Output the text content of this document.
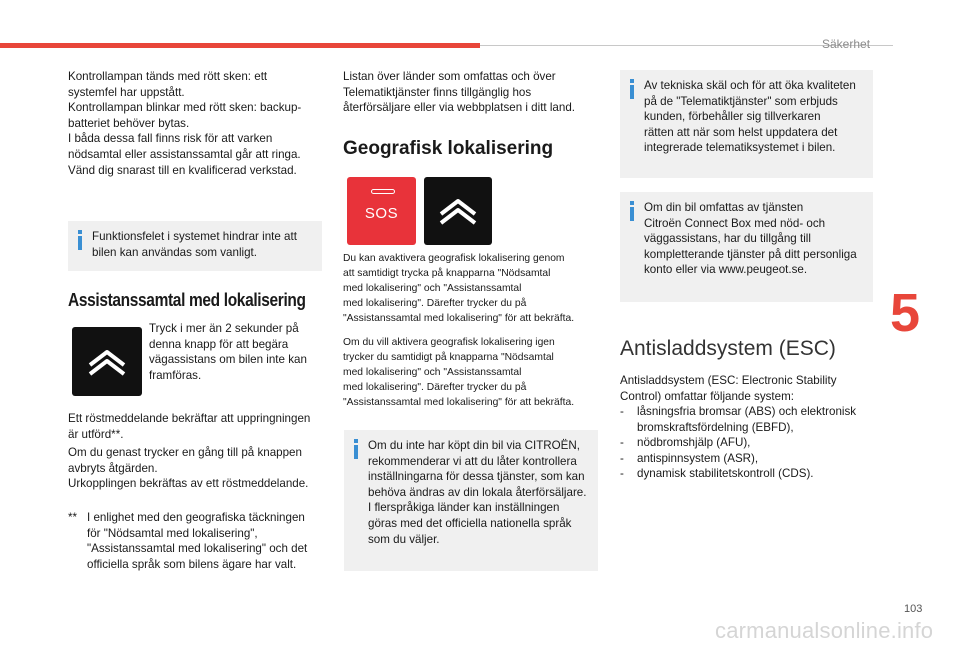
Säkerhet

Kontrollampan tänds med rött sken: ett
systemfel har uppstått.
Kontrollampan blinkar med rött sken: backup-
batteriet behöver bytas.
I båda dessa fall finns risk för att varken
nödsamtal eller assistanssamtal går att ringa.
Vänd dig snarast till en kvalificerad verkstad.

Funktionsfelet i systemet hindrar inte att
bilen kan användas som vanligt.
Assistanssamtal med lokalisering

Tryck i mer än 2 sekunder på
denna knapp för att begära
vägassistans om bilen inte kan
framföras.

Ett röstmeddelande bekräftar att uppringningen
är utförd**.

Om du genast trycker en gång till på knappen
avbryts åtgärden.
Urkopplingen bekräftas av ett röstmeddelande.

** I enlighet med den geografiska täckningen
för "Nödsamtal med lokalisering",
"Assistanssamtal med lokalisering" och det
officiella språk som bilens ägare har valt.

Listan över länder som omfattas och över
Telematiktjänster finns tillgänglig hos
återförsäljare eller via webbplatsen i ditt land.

Geografisk lokalisering
SOS

Du kan avaktivera geografisk lokalisering genom
att samtidigt trycka på knapparna "Nödsamtal
med lokalisering" och "Assistanssamtal
med lokalisering". Därefter trycker du på
"Assistanssamtal med lokalisering" för att bekräfta.

Om du vill aktivera geografisk lokalisering igen
trycker du samtidigt på knapparna "Nödsamtal
med lokalisering" och "Assistanssamtal
med lokalisering". Därefter trycker du på
"Assistanssamtal med lokalisering" för att bekräfta.

Om du inte har köpt din bil via CITROËN,
rekommenderar vi att du låter kontrollera
inställningarna för dessa tjänster, som kan
behöva ändras av din lokala återförsäljare.
I flerspråkiga länder kan inställningen
göras med det officiella nationella språk
som du väljer.
Av tekniska skäl och för att öka kvaliteten
på de "Telematiktjänster" som erbjuds
kunden, förbehåller sig tillverkaren
rätten att när som helst uppdatera det
integrerade telematiksystemet i bilen.
Om din bil omfattas av tjänsten
Citroën Connect Box med nöd- och
väggassistans, har du tillgång till
kompletterande tjänster på ditt personliga
konto eller via www.peugeot.se.
Antisladdsystem (ESC)

Antisladdsystem (ESC: Electronic Stability
Control) omfattar följande system:

- låsningsfria bromsar (ABS) och elektronisk
bromskraftsfördelning (EBFD),
- nödbromshjälp (AFU),
- antispinnsystem (ASR),
- dynamisk stabilitetskontroll (CDS).
5
103
carmanualsonline.info
